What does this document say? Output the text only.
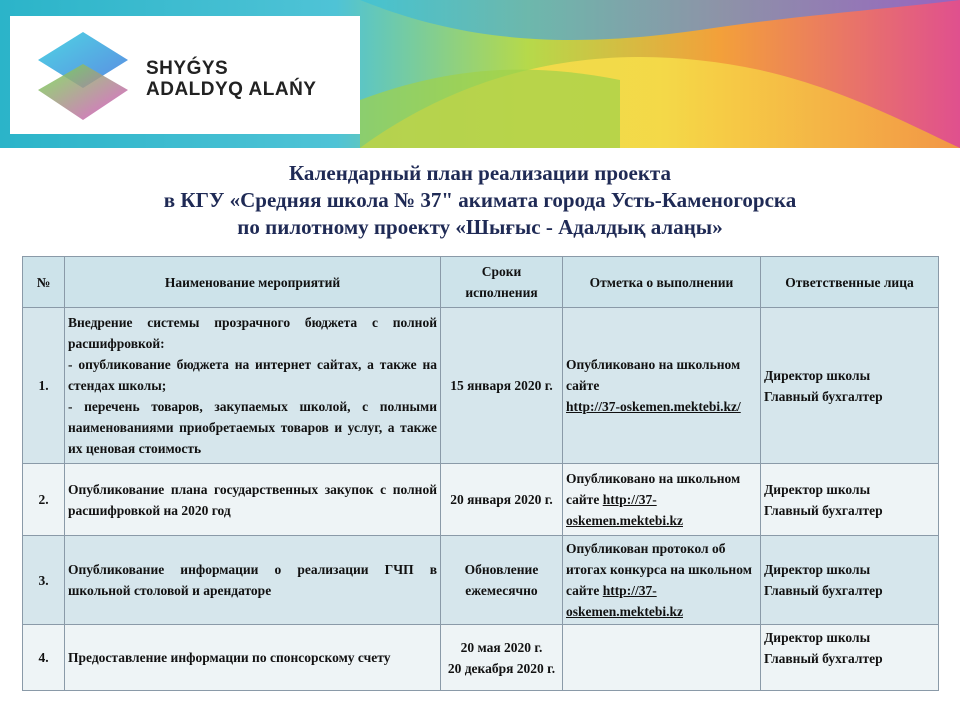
SHYǴYS
ADALDYQ ALAŃY
Календарный план реализации проекта
в КГУ «Средняя школа № 37" акимата города Усть-Каменогорска
по пилотному проекту «Шығыс - Адалдық алаңы»
№	Наименование мероприятий	Сроки исполнения	Отметка о выполнении	Ответственные лица
1.	Внедрение системы прозрачного бюджета с полной расшифровкой:
- опубликование бюджета на интернет сайтах, а также на стендах школы;
- перечень товаров, закупаемых школой, с полными наименованиями приобретаемых товаров и услуг, а также их ценовая стоимость	15 января 2020 г.	Опубликовано на школьном сайте
http://37-oskemen.mektebi.kz/	Директор школы
Главный бухгалтер

2.	Опубликование плана государственных закупок с полной расшифровкой на 2020 год	20 января 2020 г.	Опубликовано на школьном сайте http://37-oskemen.mektebi.kz	Директор школы
Главный бухгалтер

3.	Опубликование информации о реализации ГЧП в школьной столовой и арендаторе	Обновление ежемесячно	Опубликован протокол об итогах конкурса на школьном сайте http://37-oskemen.mektebi.kz	Директор школы
Главный бухгалтер

4.	Предоставление информации по спонсорскому счету	20 мая 2020 г.
20 декабря 2020 г.		Директор школы
Главный бухгалтер
